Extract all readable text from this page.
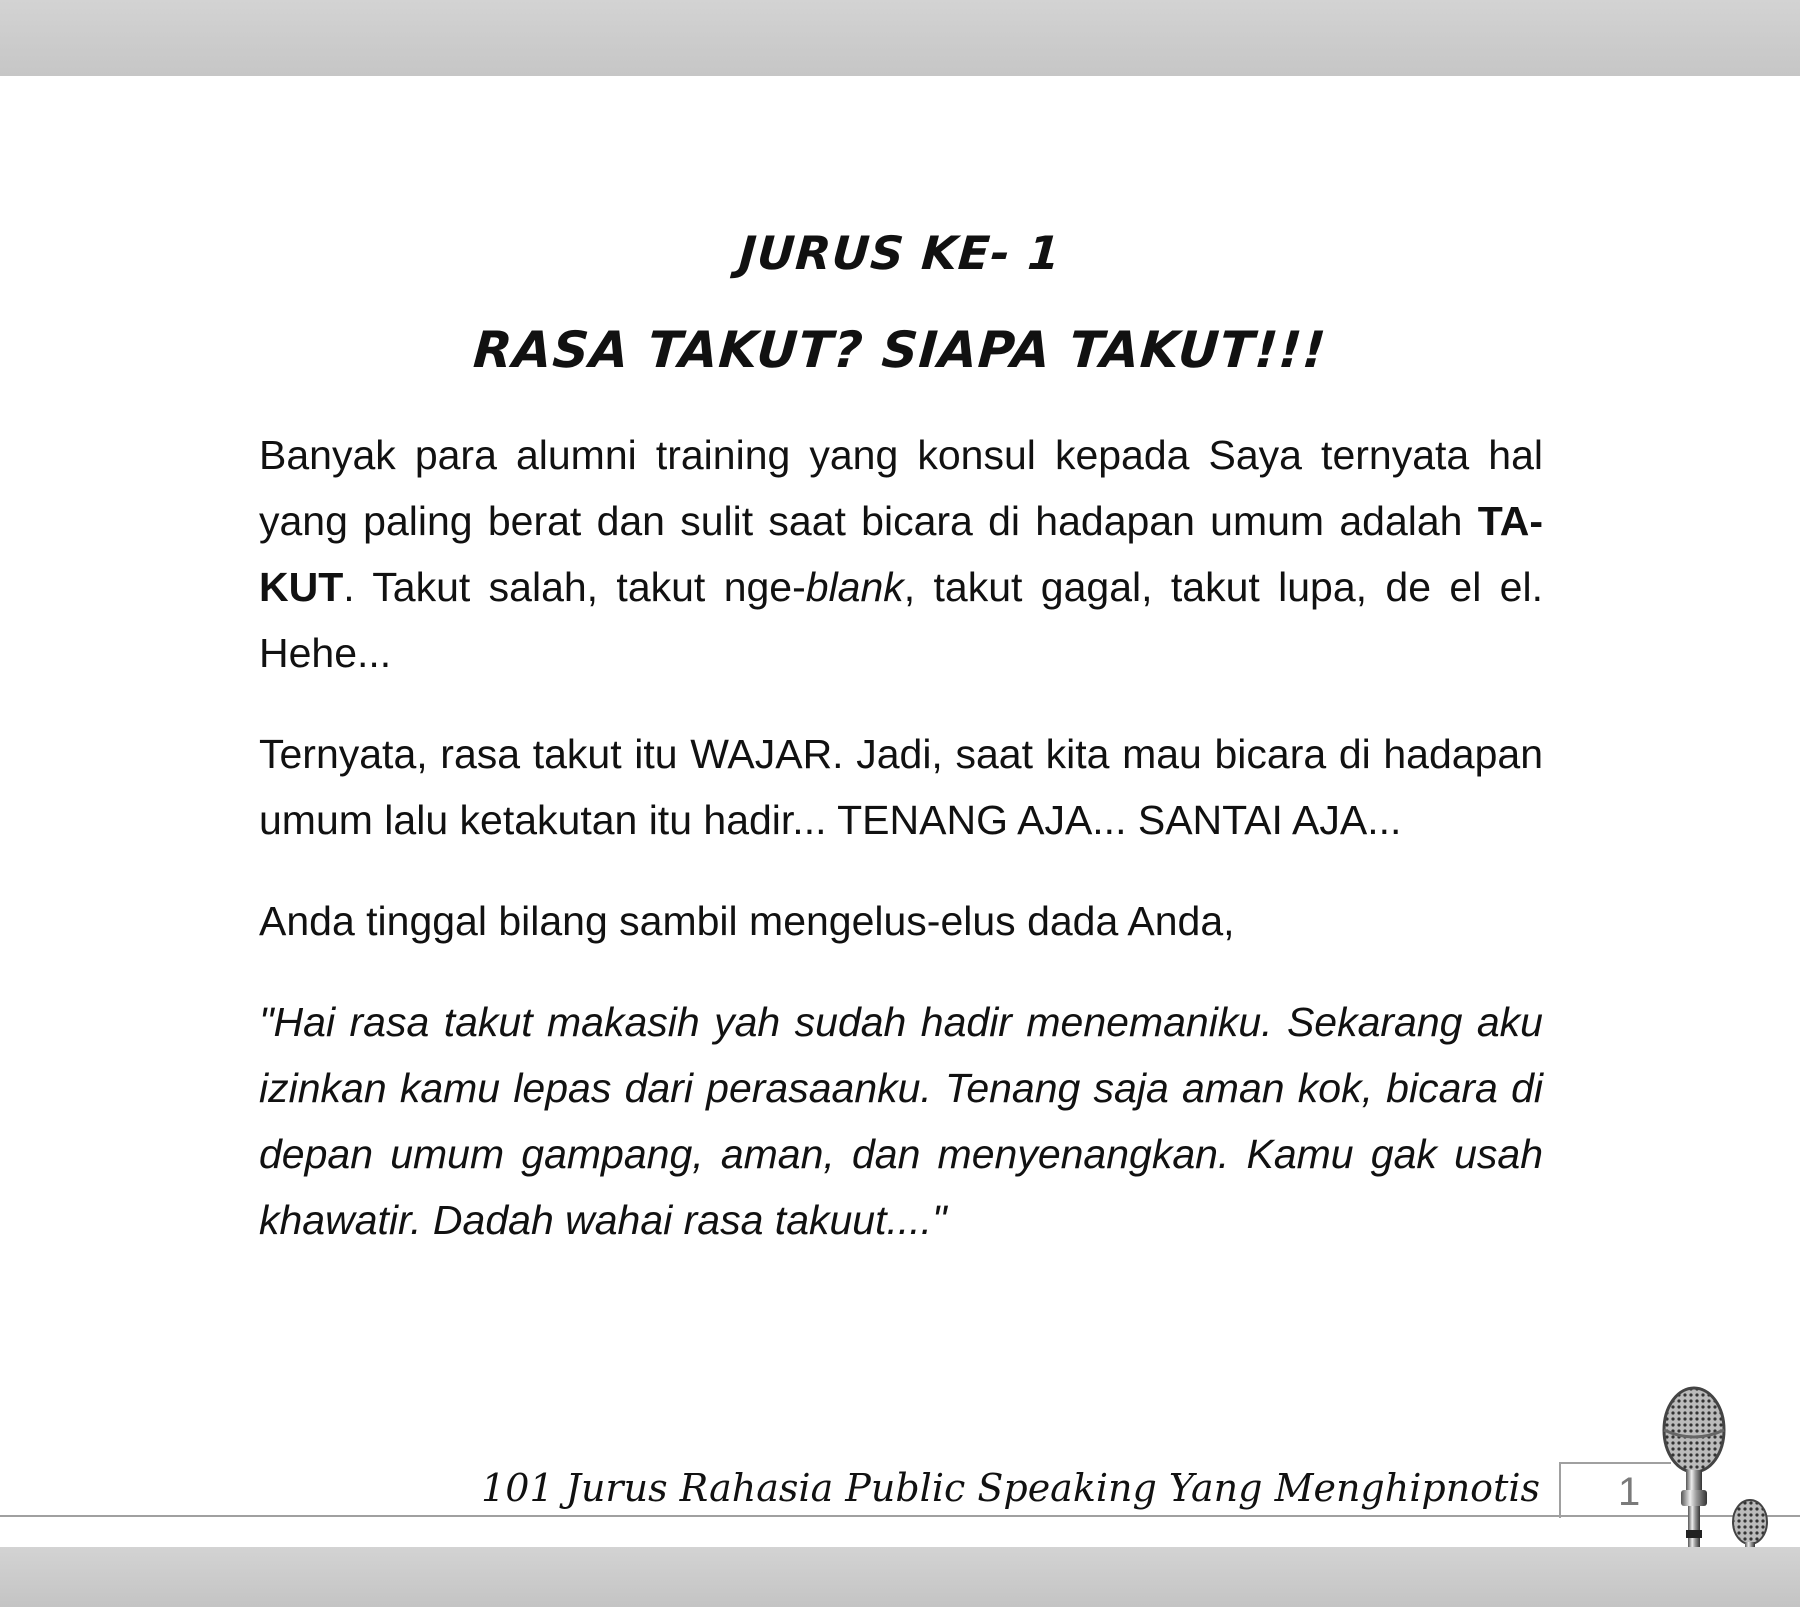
JURUS KE- 1
RASA TAKUT? SIAPA TAKUT!!!

Banyak para alumni training yang konsul kepada Saya ternyata hal yang paling berat dan sulit saat bicara di hadapan umum adalah TA-KUT. Takut salah, takut nge-blank, takut gagal, takut lupa, de el el. Hehe...

Ternyata, rasa takut itu WAJAR. Jadi, saat kita mau bicara di hadapan umum lalu ketakutan itu hadir... TENANG AJA... SANTAI AJA...

Anda tinggal bilang sambil mengelus-elus dada Anda,

"Hai rasa takut makasih yah sudah hadir menemaniku. Sekarang aku izinkan kamu lepas dari perasaanku. Tenang saja aman kok, bicara di depan umum gampang, aman, dan menyenangkan. Kamu gak usah khawatir. Dadah wahai rasa takuut...."

101 Jurus Rahasia Public Speaking Yang Menghipnotis 1
